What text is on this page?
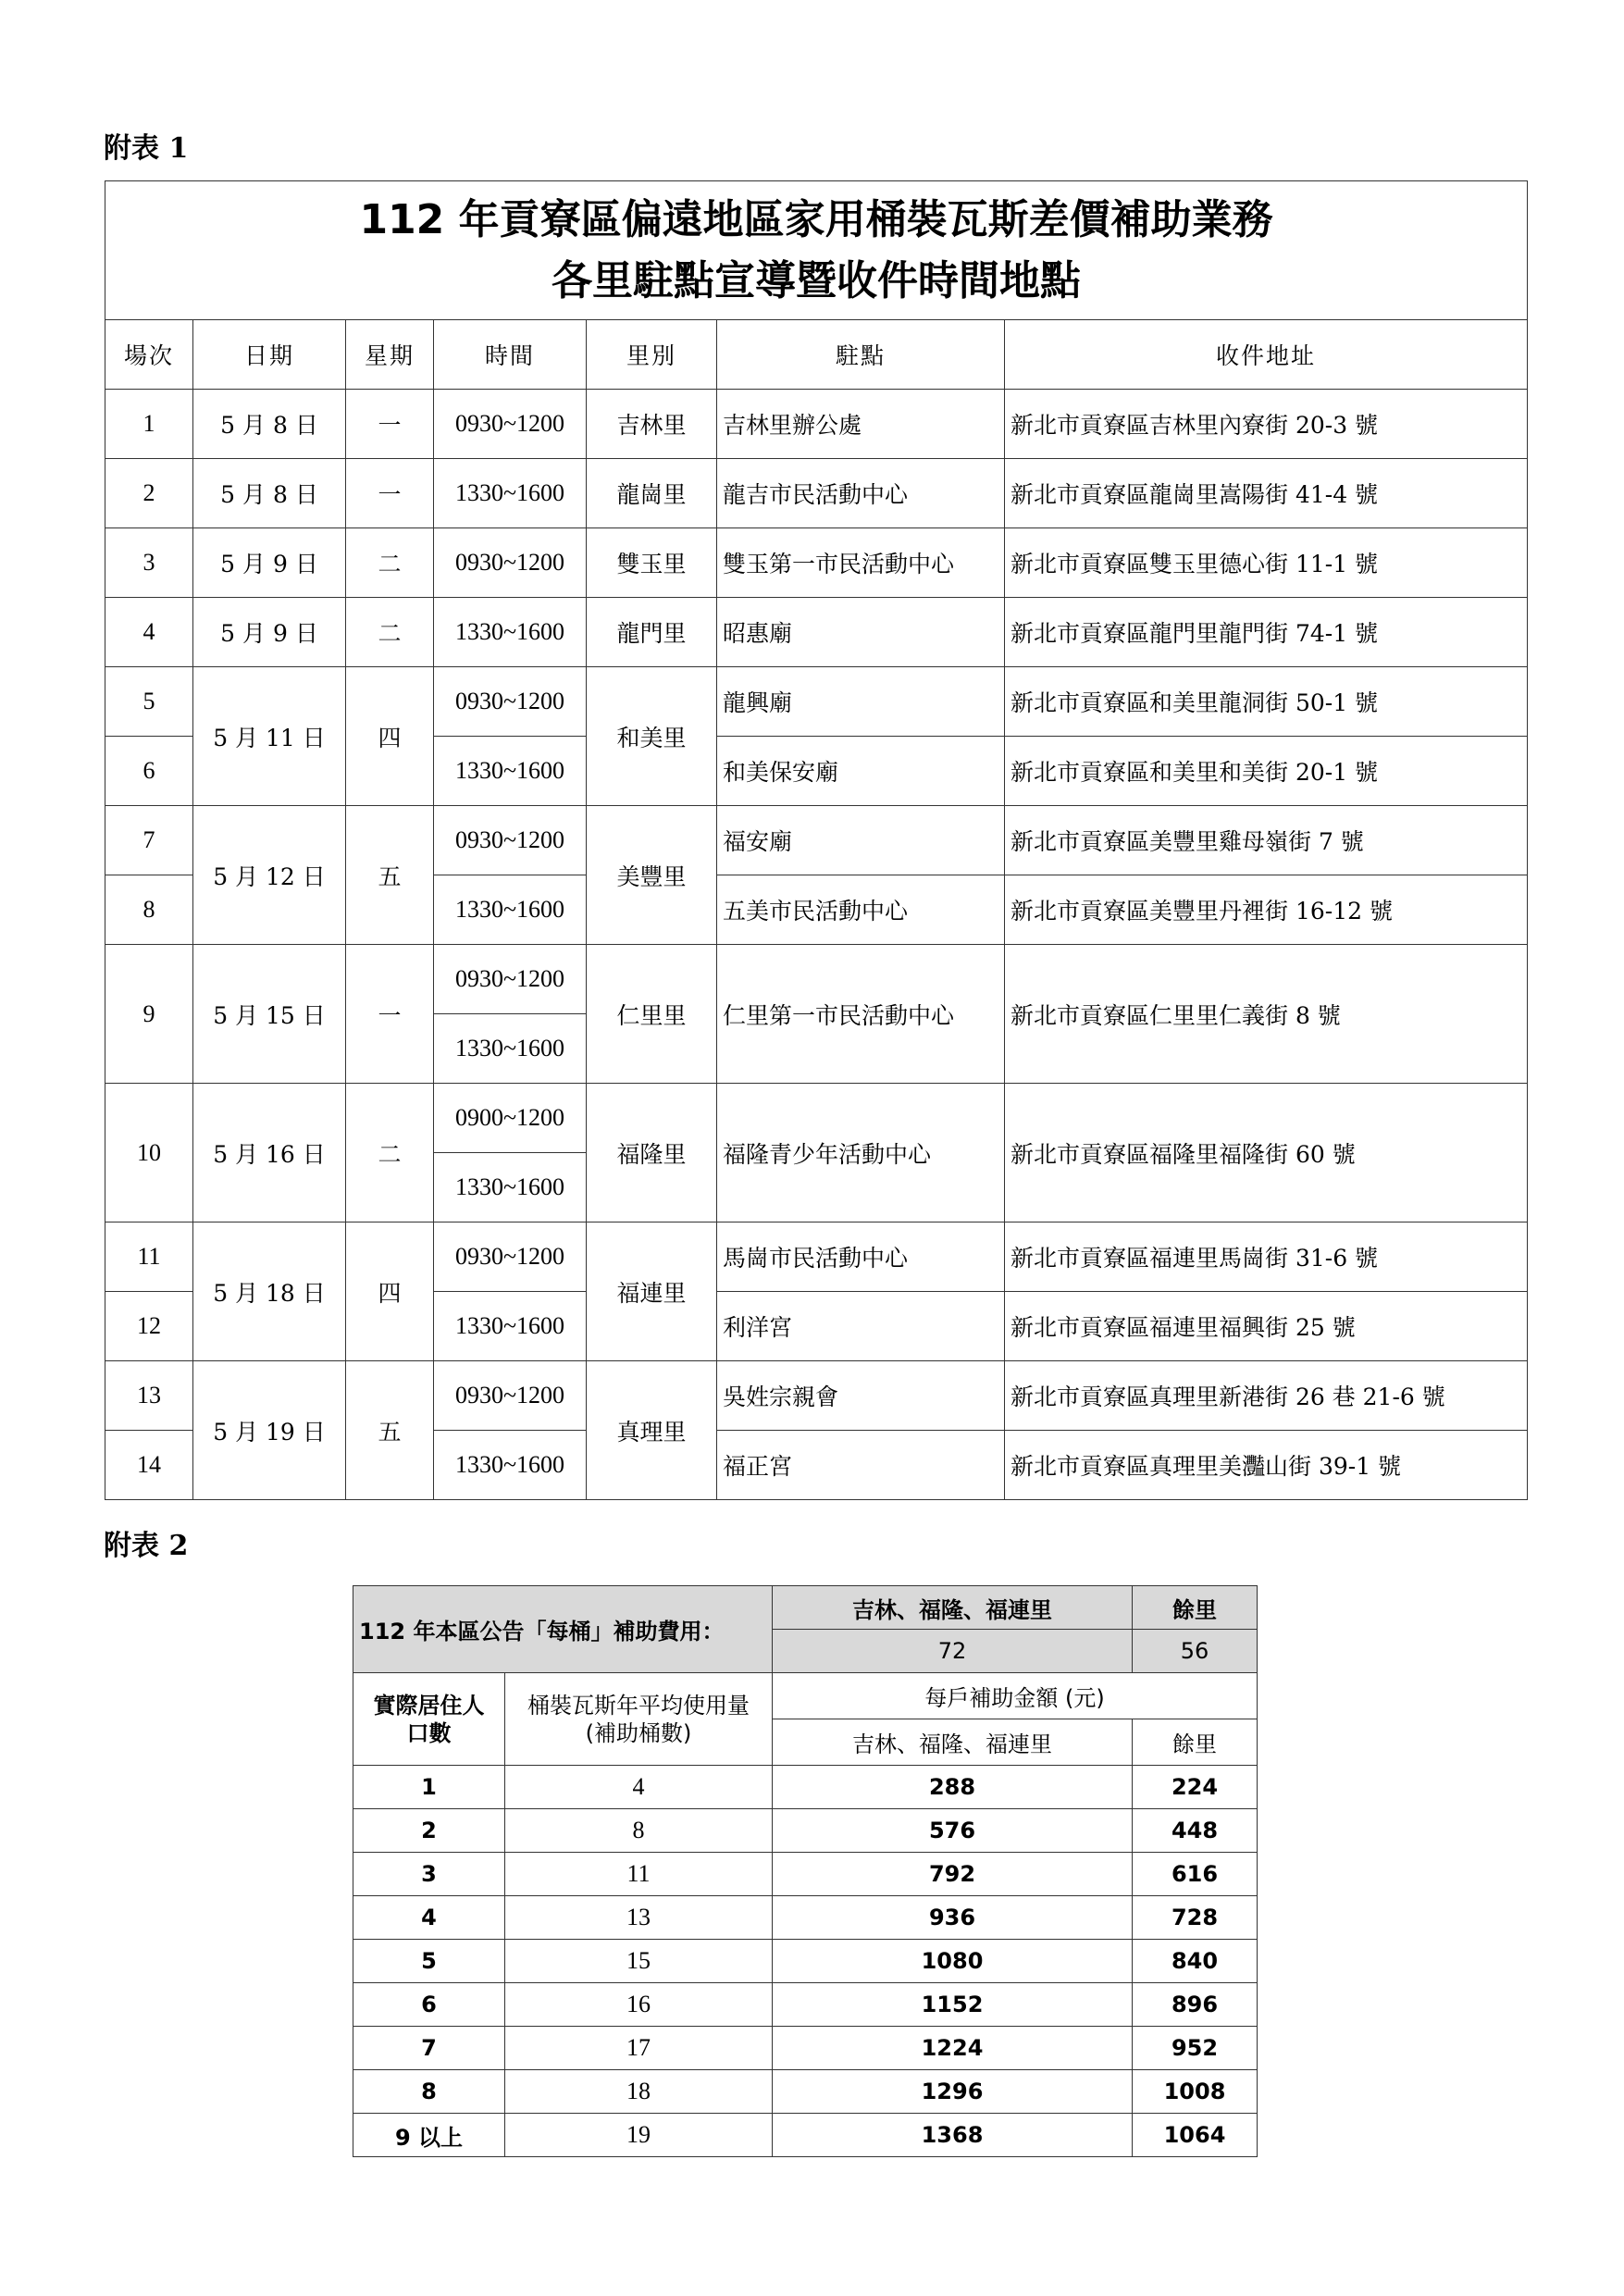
附表 1
112 年貢寮區偏遠地區家用桶裝瓦斯差價補助業務
各里駐點宣導暨收件時間地點						

場次	日期	星期	時間	里別	駐點	收件地址
1	5 月 8 日	一	0930~1200	吉林里	吉林里辦公處	新北市貢寮區吉林里內寮街 20-3 號
2	5 月 8 日	一	1330~1600	龍崗里	龍吉市民活動中心	新北市貢寮區龍崗里嵩陽街 41-4 號
3	5 月 9 日	二	0930~1200	雙玉里	雙玉第一市民活動中心	新北市貢寮區雙玉里德心街 11-1 號
4	5 月 9 日	二	1330~1600	龍門里	昭惠廟	新北市貢寮區龍門里龍門街 74-1 號
5	5 月 11 日	四	0930~1200	和美里	龍興廟	新北市貢寮區和美里龍洞街 50-1 號
6			1330~1600		和美保安廟	新北市貢寮區和美里和美街 20-1 號
7	5 月 12 日	五	0930~1200	美豐里	福安廟	新北市貢寮區美豐里雞母嶺街 7 號
8			1330~1600		五美市民活動中心	新北市貢寮區美豐里丹裡街 16-12 號
9	5 月 15 日	一	0930~1200	仁里里	仁里第一市民活動中心	新北市貢寮區仁里里仁義街 8 號
			1330~1600			
10	5 月 16 日	二	0900~1200	福隆里	福隆青少年活動中心	新北市貢寮區福隆里福隆街 60 號
			1330~1600			
11	5 月 18 日	四	0930~1200	福連里	馬崗市民活動中心	新北市貢寮區福連里馬崗街 31-6 號
12			1330~1600		利洋宮	新北市貢寮區福連里福興街 25 號
13	5 月 19 日	五	0930~1200	真理里	吳姓宗親會	新北市貢寮區真理里新港街 26 巷 21-6 號
14			1330~1600		福正宮	新北市貢寮區真理里美灩山街 39-1 號
附表 2
112 年本區公告「每桶」補助費用：		吉林、福隆、福連里	餘里
		72	56
實際居住人口數	桶裝瓦斯年平均使用量(補助桶數)	每戶補助金額 (元)	
		吉林、福隆、福連里	餘里
1	4	288	224
2	8	576	448
3	11	792	616
4	13	936	728
5	15	1080	840
6	16	1152	896
7	17	1224	952
8	18	1296	1008
9 以上	19	1368	1064
